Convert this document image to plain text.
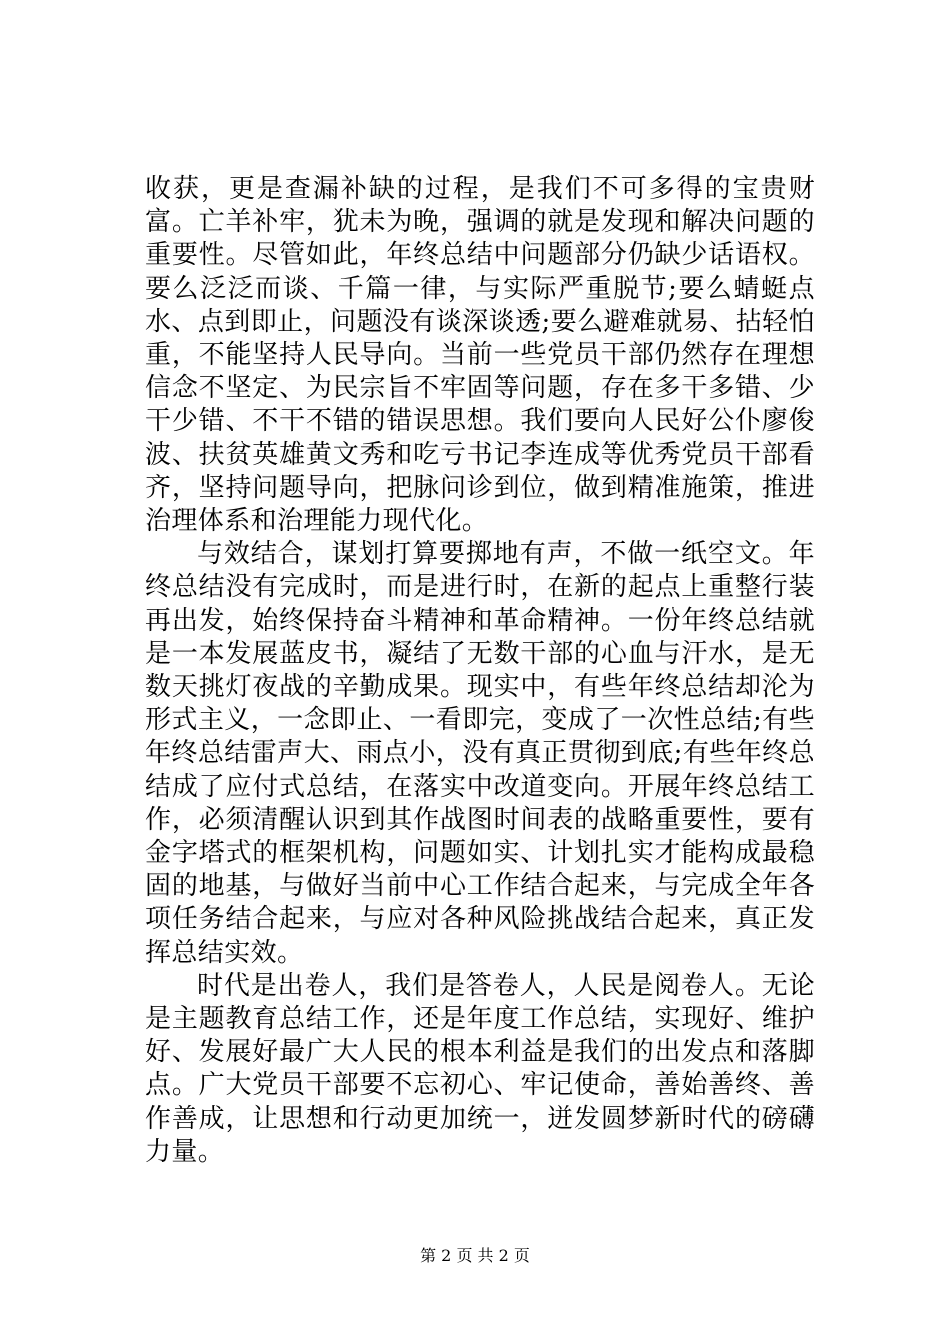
收获，更是查漏补缺的过程，是我们不可多得的宝贵财富。亡羊补牢，犹未为晚，强调的就是发现和解决问题的重要性。尽管如此，年终总结中问题部分仍缺少话语权。要么泛泛而谈、千篇一律，与实际严重脱节;要么蜻蜓点水、点到即止，问题没有谈深谈透;要么避难就易、拈轻怕重，不能坚持人民导向。当前一些党员干部仍然存在理想信念不坚定、为民宗旨不牢固等问题，存在多干多错、少干少错、不干不错的错误思想。我们要向人民好公仆廖俊波、扶贫英雄黄文秀和吃亏书记李连成等优秀党员干部看齐，坚持问题导向，把脉问诊到位，做到精准施策，推进治理体系和治理能力现代化。

与效结合，谋划打算要掷地有声，不做一纸空文。年终总结没有完成时，而是进行时，在新的起点上重整行装再出发，始终保持奋斗精神和革命精神。一份年终总结就是一本发展蓝皮书，凝结了无数干部的心血与汗水，是无数天挑灯夜战的辛勤成果。现实中，有些年终总结却沦为形式主义，一念即止、一看即完，变成了一次性总结;有些年终总结雷声大、雨点小，没有真正贯彻到底;有些年终总结成了应付式总结，在落实中改道变向。开展年终总结工作，必须清醒认识到其作战图时间表的战略重要性，要有金字塔式的框架机构，问题如实、计划扎实才能构成最稳固的地基，与做好当前中心工作结合起来，与完成全年各项任务结合起来，与应对各种风险挑战结合起来，真正发挥总结实效。

时代是出卷人，我们是答卷人，人民是阅卷人。无论是主题教育总结工作，还是年度工作总结，实现好、维护好、发展好最广大人民的根本利益是我们的出发点和落脚点。广大党员干部要不忘初心、牢记使命，善始善终、善作善成，让思想和行动更加统一，迸发圆梦新时代的磅礴力量。

第 2 页 共 2 页
